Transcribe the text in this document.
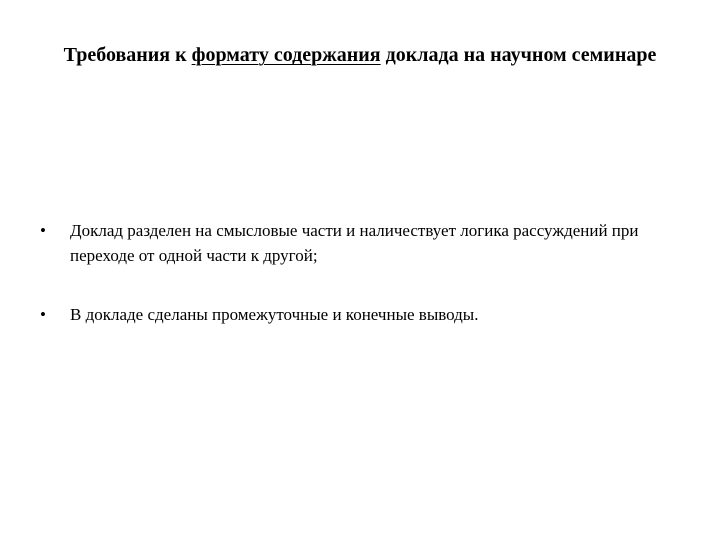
Требования к формату содержания доклада на научном семинаре
• Доклад разделен на смысловые части и наличествует логика рассуждений при переходе от одной части к другой;
• В докладе сделаны промежуточные и конечные выводы.
